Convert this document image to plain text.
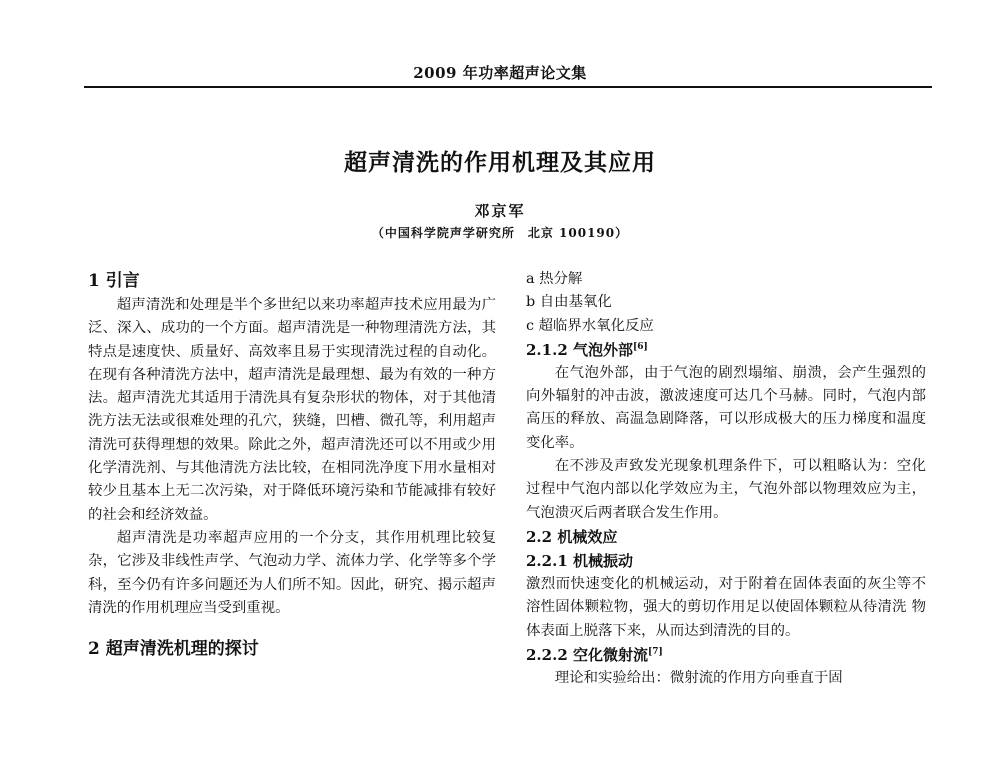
2009 年功率超声论文集
超声清洗的作用机理及其应用
邓京军
（中国科学院声学研究所　北京 100190）

1 引言

超声清洗和处理是半个多世纪以来功率超声技术应用最为广泛、深入、成功的一个方面。超声清洗是一种物理清洗方法，其特点是速度快、质量好、高效率且易于实现清洗过程的自动化。在现有各种清洗方法中，超声清洗是最理想、最为有效的一种方法。超声清洗尤其适用于清洗具有复杂形状的物体，对于其他清洗方法无法或很难处理的孔穴，狭缝，凹槽、微孔等，利用超声清洗可获得理想的效果。除此之外，超声清洗还可以不用或少用化学清洗剂、与其他清洗方法比较，在相同洗净度下用水量相对较少且基本上无二次污染，对于降低环境污染和节能减排有较好的社会和经济效益。

超声清洗是功率超声应用的一个分支，其作用机理比较复杂，它涉及非线性声学、气泡动力学、流体力学、化学等多个学科，至今仍有许多问题还为人们所不知。因此，研究、揭示超声清洗的作用机理应当受到重视。

2 超声清洗机理的探讨

a 热分解

b 自由基氧化

c 超临界水氧化反应

2.1.2 气泡外部[6]

在气泡外部，由于气泡的剧烈塌缩、崩溃，会产生强烈的向外辐射的冲击波，激波速度可达几个马赫。同时，气泡内部高压的释放、高温急剧降落，可以形成极大的压力梯度和温度变化率。

在不涉及声致发光现象机理条件下，可以粗略认为：空化过程中气泡内部以化学效应为主，气泡外部以物理效应为主，气泡溃灭后两者联合发生作用。

2.2 机械效应

2.2.1 机械振动

激烈而快速变化的机械运动，对于附着在固体表面的灰尘等不溶性固体颗粒物，强大的剪切作用足以使固体颗粒从待清洗 物体表面上脱落下来，从而达到清洗的目的。

2.2.2 空化微射流[7]

理论和实验给出：微射流的作用方向垂直于固
